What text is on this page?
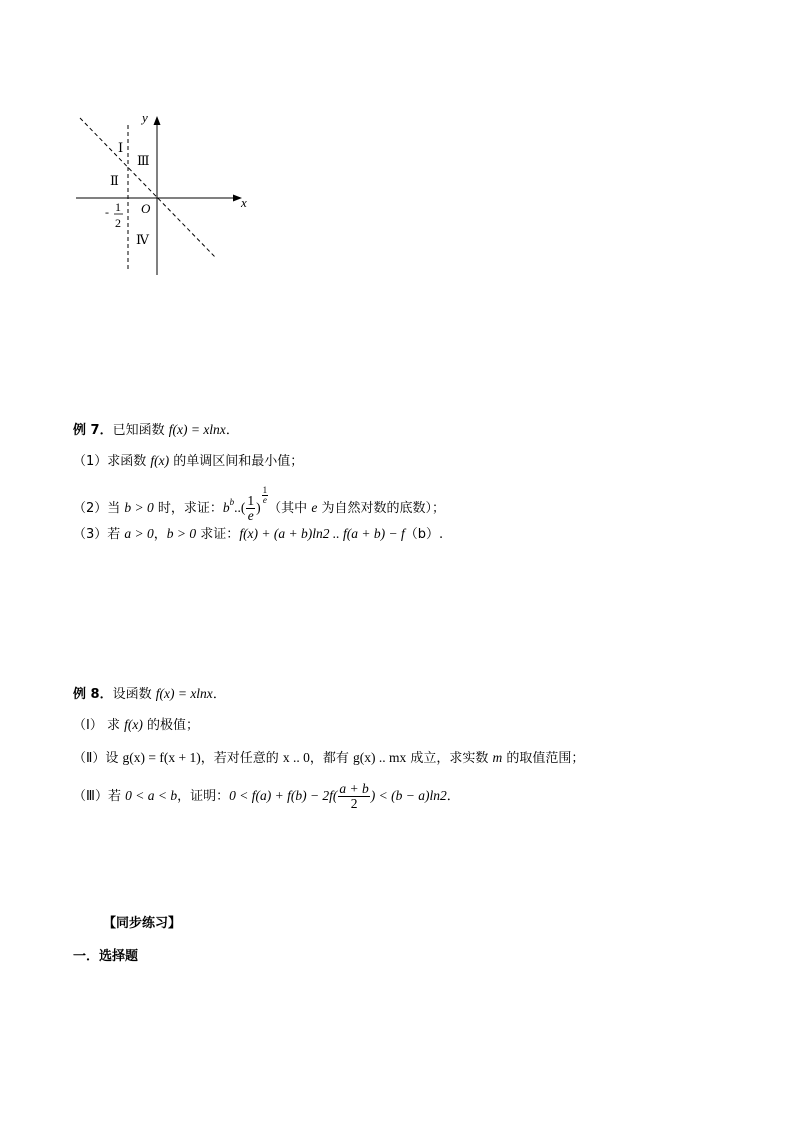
y
x
O
Ⅰ
Ⅱ
Ⅲ
Ⅳ
- 1
2
例 7．已知函数 f(x) = xlnx．
（1）求函数 f(x) 的单调区间和最小值；
（2）当 b > 0 时，求证：$b^b..( \frac{1}{e}$ )
$\frac{1}{e}$
（其中 e 为自然对数的底数）；
（3）若 a > 0，b > 0 求证：f(x) + (a + b)ln2 .. f(a + b) − f（b）.
例 8．设函数 f(x) = xlnx．
（Ⅰ） 求 f(x) 的极值；
（Ⅱ）设 g(x) = f(x + 1)，若对任意的 x .. 0，都有 g(x) .. mx 成立，求实数 m 的取值范围；
（Ⅲ）若 0 < a < b，证明：$0 < f(a) + f(b) - 2f( \frac{a + b}{2}$ ) < (b − a)ln2．
【同步练习】
一．选择题
